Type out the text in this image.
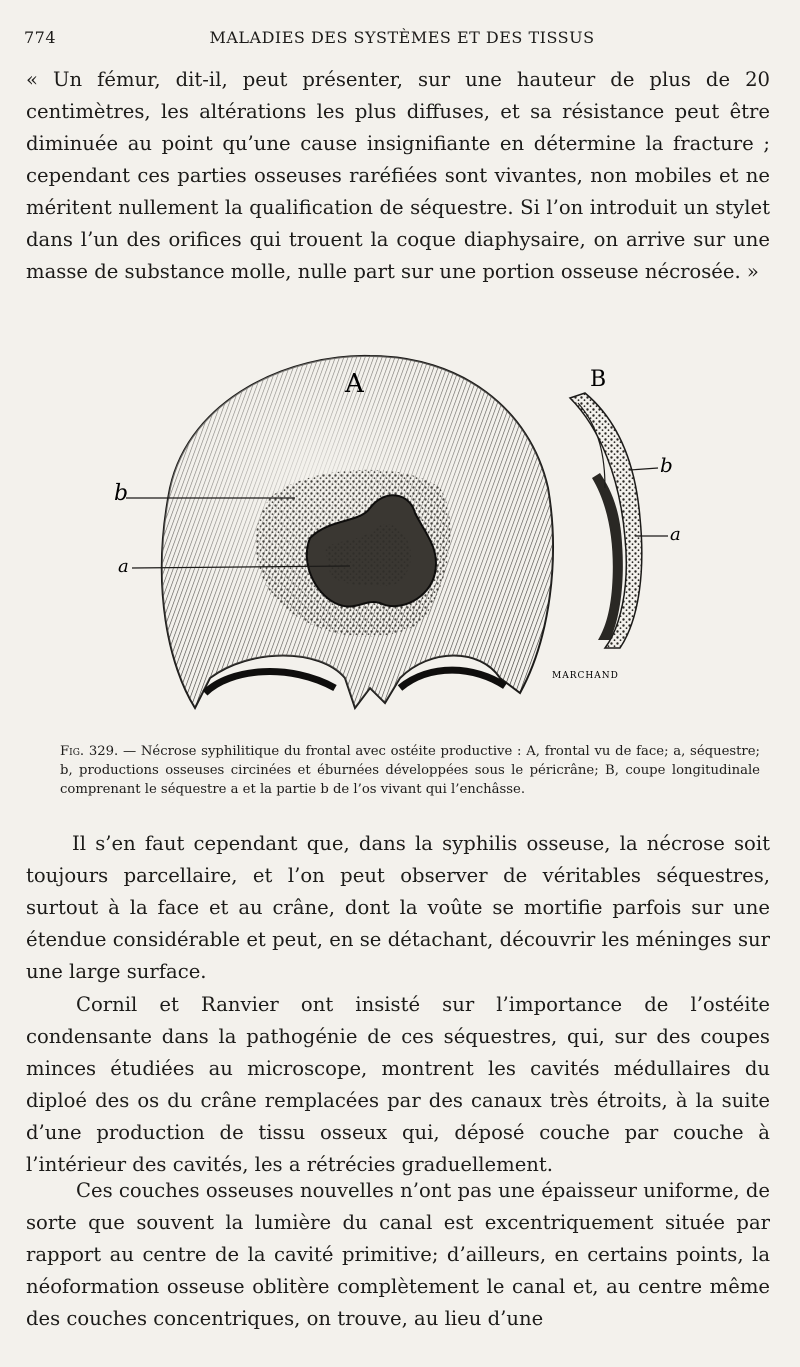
774	MALADIES DES SYSTÈMES ET DES TISSUS

« Un fémur, dit-il, peut présenter, sur une hauteur de plus de 20 centimètres, les altérations les plus diffuses, et sa résistance peut être diminuée au point qu’une cause insignifiante en détermine la fracture ; cependant ces parties osseuses raréfiées sont vivantes, non mobiles et ne méritent nullement la qualification de séquestre. Si l’on introduit un stylet dans l’un des orifices qui trouent la coque diaphysaire, on arrive sur une masse de substance molle, nulle part sur une portion osseuse nécrosée. »

A
b
a
B
b
a
MARCHAND

Fig. 329. — Nécrose syphilitique du frontal avec ostéite productive : A, frontal vu de face; a, séquestre; b, productions osseuses circinées et éburnées développées sous le péricrâne; B, coupe longitudinale comprenant le séquestre a et la partie b de l’os vivant qui l’enchâsse.

Il s’en faut cependant que, dans la syphilis osseuse, la nécrose soit toujours parcellaire, et l’on peut observer de véritables séquestres, surtout à la face et au crâne, dont la voûte se mortifie parfois sur une étendue considérable et peut, en se détachant, découvrir les méninges sur une large surface.

Cornil et Ranvier ont insisté sur l’importance de l’ostéite condensante dans la pathogénie de ces séquestres, qui, sur des coupes minces étudiées au microscope, montrent les cavités médullaires du diploé des os du crâne remplacées par des canaux très étroits, à la suite d’une production de tissu osseux qui, déposé couche par couche à l’intérieur des cavités, les a rétrécies graduellement.

Ces couches osseuses nouvelles n’ont pas une épaisseur uniforme, de sorte que souvent la lumière du canal est excentriquement située par rapport au centre de la cavité primitive; d’ailleurs, en certains points, la néoformation osseuse oblitère complètement le canal et, au centre même des couches concentriques, on trouve, au lieu d’une
